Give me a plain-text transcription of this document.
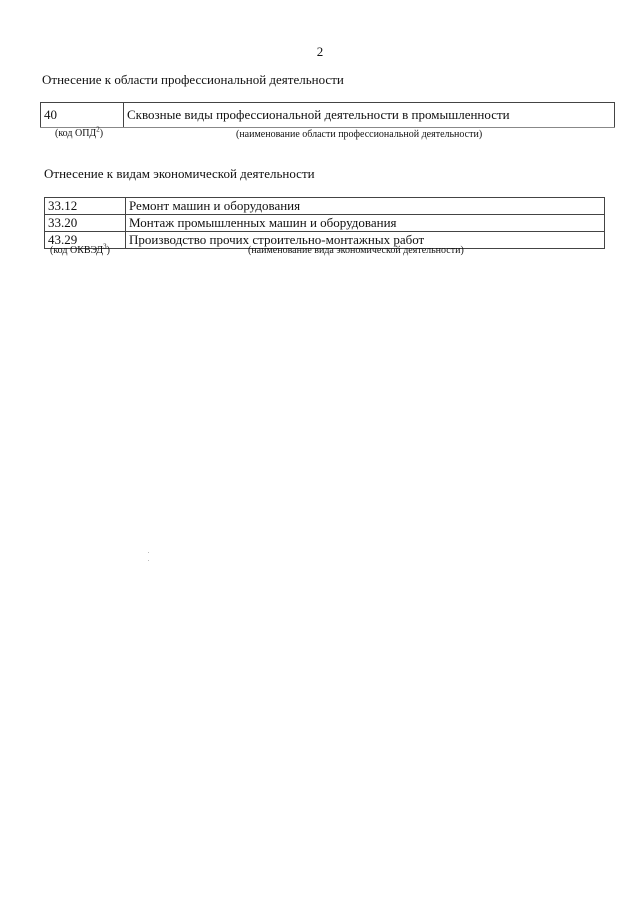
2
Отнесение к области профессиональной деятельности
40	Сквозные виды профессиональной деятельности в промышленности
(код ОПД$^2$)	(наименование области профессиональной деятельности)
Отнесение к видам экономической деятельности
33.12	Ремонт машин и оборудования
33.20	Монтаж промышленных машин и оборудования
43.29	Производство прочих строительно-монтажных работ
(код ОКВЭД$^3$)	(наименование вида экономической деятельности)
